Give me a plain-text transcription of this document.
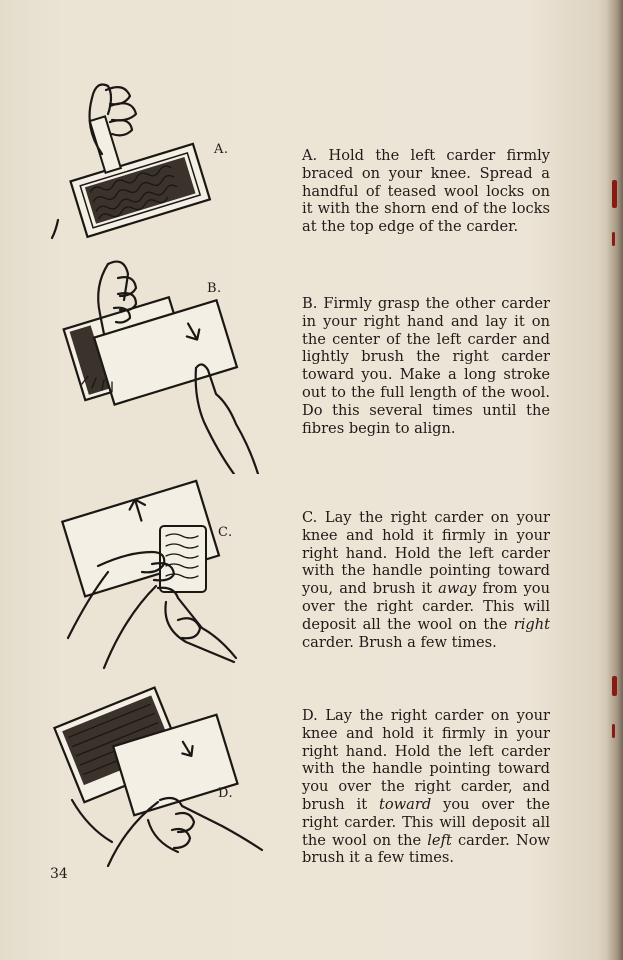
A.
B.
C.
D.

A. Hold the left carder firmly braced on your knee. Spread a handful of teased wool locks on it with the shorn end of the locks at the top edge of the carder.

B. Firmly grasp the other carder in your right hand and lay it on the center of the left carder and lightly brush the right carder toward you. Make a long stroke out to the full length of the wool. Do this several times until the fibres begin to align.

C. Lay the right carder on your knee and hold it firmly in your right hand. Hold the left carder with the handle pointing toward you, and brush it away from you over the right carder. This will deposit all the wool on the right carder. Brush a few times.

D. Lay the right carder on your knee and hold it firmly in your right hand. Hold the left carder with the handle pointing toward you over the right carder, and brush it toward you over the right carder. This will deposit all the wool on the left carder. Now brush it a few times.

34
